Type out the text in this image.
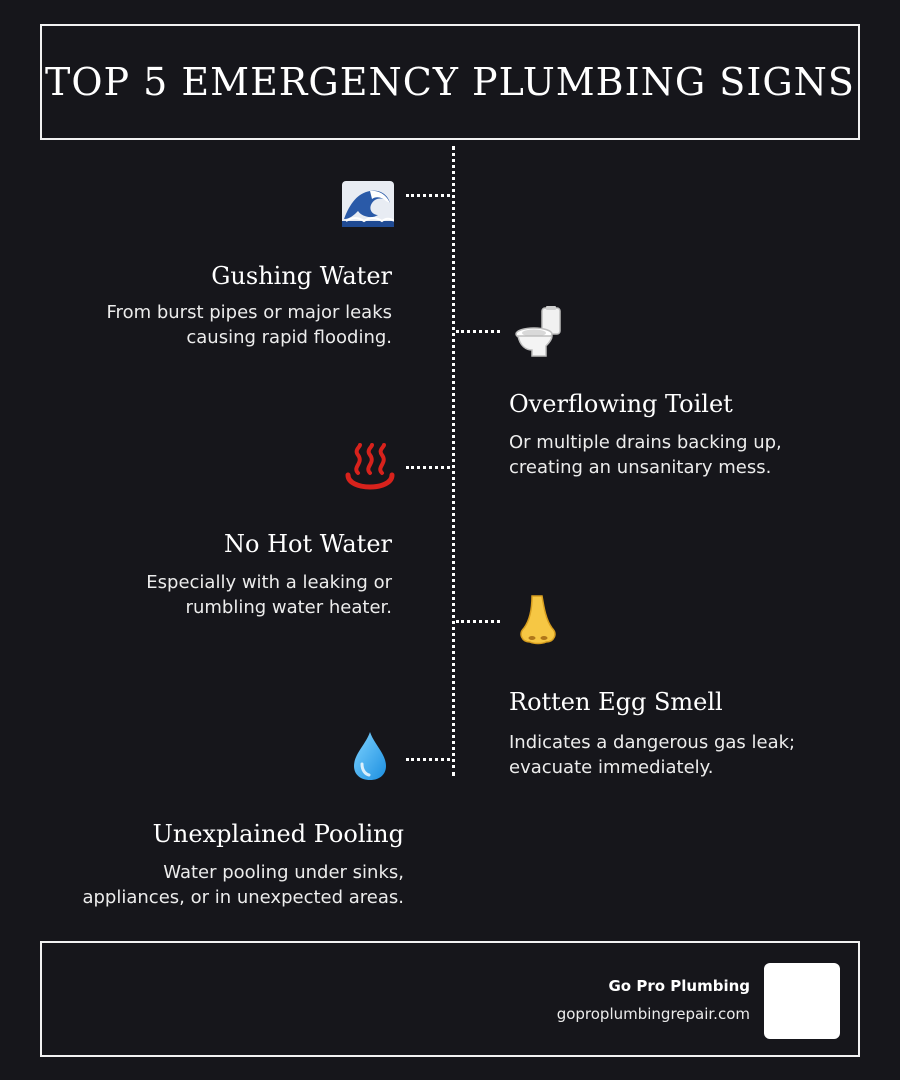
TOP 5 EMERGENCY PLUMBING SIGNS
Gushing Water
From burst pipes or major leaks
causing rapid flooding.
Overflowing Toilet
Or multiple drains backing up,
creating an unsanitary mess.
No Hot Water
Especially with a leaking or
rumbling water heater.
Rotten Egg Smell
Indicates a dangerous gas leak;
evacuate immediately.
Unexplained Pooling
Water pooling under sinks,
appliances, or in unexpected areas.
Go Pro Plumbing
goproplumbingrepair.com
